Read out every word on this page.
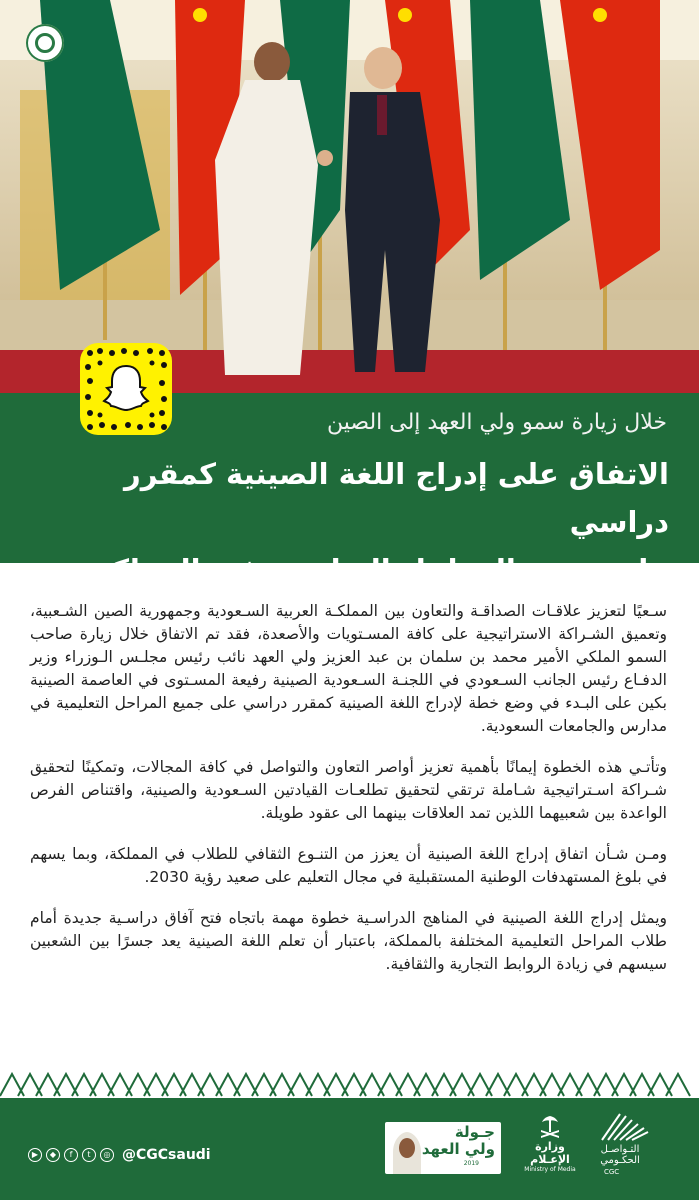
خلال زيارة سمو ولي العهد إلى الصين
الاتفاق على إدراج اللغة الصينية كمقرر دراسي
على جميع المراحل التعليمية في المملكة

سـعيًا لتعزيز علاقـات الصداقـة والتعاون بين المملكـة العربية السـعودية وجمهورية الصين الشـعبية، وتعميق الشـراكة الاستراتيجية على كافة المسـتويات والأصعدة، فقد تم الاتفاق خلال زيارة صاحب السمو الملكي الأمير محمد بن سلمان بن عبد العزيز ولي العهد نائب رئيس مجلـس الـوزراء وزير الدفـاع رئيس الجانب السـعودي في اللجنـة السـعودية الصينية رفيعة المسـتوى في العاصمة الصينية بكين على البـدء في وضع خطة لإدراج اللغة الصينية كمقرر دراسي على جميع المراحل التعليمية في مدارس والجامعات السعودية.

وتأتـي هذه الخطوة إيمانًا بأهمية تعزيز أواصر التعاون والتواصل في كافة المجالات، وتمكينًا لتحقيق شـراكة اسـتراتيجية شـاملة ترتقي لتحقيق تطلعـات القيادتين السـعودية والصينية، واقتناص الفرص الواعدة بين شعبيهما اللذين تمد العلاقات بينهما الى عقود طويلة.

ومـن شـأن اتفاق إدراج اللغة الصينية أن يعزز من التنـوع الثقافي للطلاب في المملكة، وبما يسهم في بلوغ المستهدفات الوطنية المستقبلية في مجال التعليم على صعيد رؤية 2030.

ويمثل إدراج اللغة الصينية في المناهج الدراسـية خطوة مهمة باتجاه فتح آفاق دراسـية جديدة أمام طلاب المراحل التعليمية المختلفة بالمملكة، باعتبار أن تعلم اللغة الصينية يعد جسرًا بين الشعبين سيسهم في زيادة الروابط التجارية والثقافية.

▶	◆	f	t	◎ @CGCsaudi
جـولة
ولي العهد
2019
وزارة الإعـلام
Ministry of Media
التـواصـل الحكـومي
CGC
